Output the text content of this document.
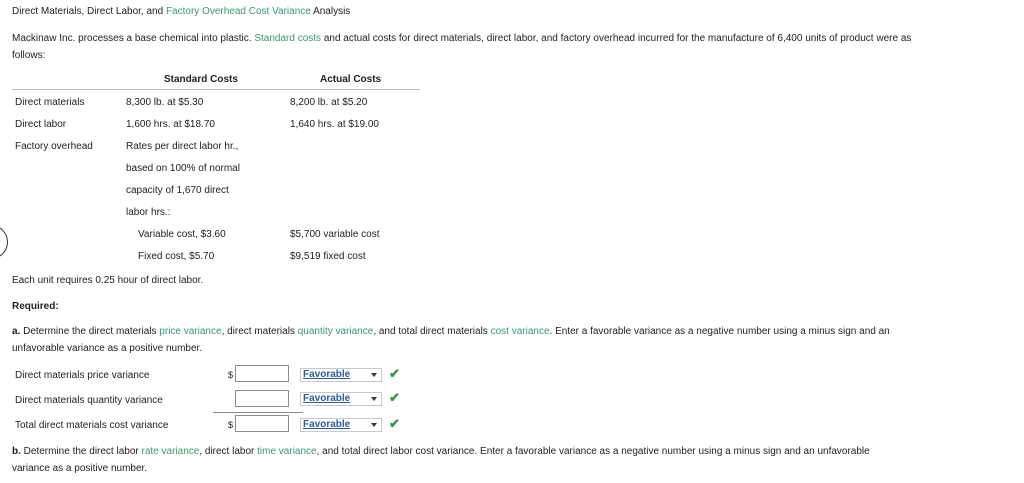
Direct Materials, Direct Labor, and Factory Overhead Cost Variance Analysis
Mackinaw Inc. processes a base chemical into plastic. Standard costs and actual costs for direct materials, direct labor, and factory overhead incurred for the manufacture of 6,400 units of product were as
follows:
Standard Costs	Actual Costs
Direct materials	8,300 lb. at $5.30	8,200 lb. at $5.20
Direct labor	1,600 hrs. at $18.70	1,640 hrs. at $19.00
Factory overhead	Rates per direct labor hr.,
based on 100% of normal
capacity of 1,670 direct
labor hrs.:
Variable cost, $3.60	$5,700 variable cost
Fixed cost, $5.70	$9,519 fixed cost
Each unit requires 0.25 hour of direct labor.
Required:
a. Determine the direct materials price variance, direct materials quantity variance, and total direct materials cost variance. Enter a favorable variance as a negative number using a minus sign and an
unfavorable variance as a positive number.
Direct materials price variance	$	Favorable	✔
Direct materials quantity variance	Favorable	✔
Total direct materials cost variance	$	Favorable	✔
b. Determine the direct labor rate variance, direct labor time variance, and total direct labor cost variance. Enter a favorable variance as a negative number using a minus sign and an unfavorable
variance as a positive number.
